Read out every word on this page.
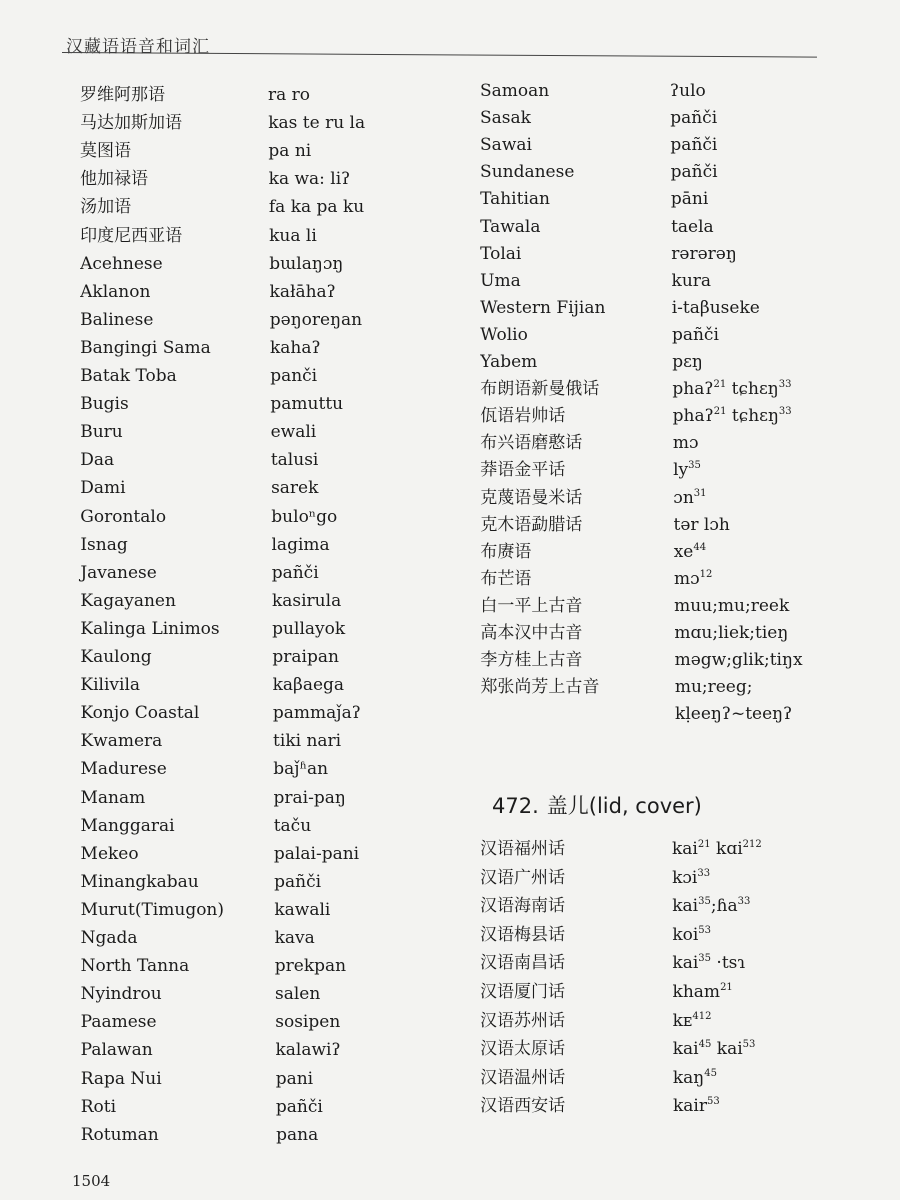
汉藏语语音和词汇
罗维阿那语	ra ro
马达加斯加语	kas te ru la
莫图语	pa ni
他加禄语	ka wa: liʔ
汤加语	fa ka pa ku
印度尼西亚语	kua li
Acehnese	bɯlaŋɔŋ
Aklanon	kałāhaʔ
Balinese	pəŋoreŋan
Bangingi Sama	kahaʔ
Batak Toba	panči
Bugis	pamuttu
Buru	ewali
Daa	talusi
Dami	sarek
Gorontalo	buloⁿgo
Isnag	lagima
Javanese	pañči
Kagayanen	kasirula
Kalinga Linimos	pullayok
Kaulong	praipan
Kilivila	kaβaega
Konjo Coastal	pammaǰaʔ
Kwamera	tiki nari
Madurese	baǰʱan
Manam	prai-paŋ
Manggarai	taču
Mekeo	palai-pani
Minangkabau	pañči
Murut(Timugon)	kawali
Ngada	kava
North Tanna	prekpan
Nyindrou	salen
Paamese	sosipen
Palawan	kalawiʔ
Rapa Nui	pani
Roti	pañči
Rotuman	pana
Samoan	ʔulo
Sasak	pañči
Sawai	pañči
Sundanese	pañči
Tahitian	pāni
Tawala	taela
Tolai	rərərəŋ
Uma	kura
Western Fijian	i-taβuseke
Wolio	pañči
Yabem	pɛŋ
布朗语新曼俄话	phaʔ$^{21}$ tɕhɛŋ$^{33}$
佤语岩帅话	phaʔ$^{21}$ tɕhɛŋ$^{33}$
布兴语磨憨话	mɔ
莽语金平话	$ly^{35}$
克蔑语曼米话	ɔn$^{31}$
克木语勐腊话	tər lɔh
布赓语	$xe^{44}$
布芒语	mɔ$^{12}$
白一平上古音	muu;mu;reek
高本汉中古音	mɑu;liek;tieŋ
李方桂上古音	məgw;glik;tiŋx
郑张尚芳上古音	mu;reeg;
kḷeeŋʔ~teeŋʔ
472. 盖儿(lid, cover)
汉语福州话	kai$^{21}$ kɑi$^{212}$
汉语广州话	kɔi$^{33}$
汉语海南话	kai$^{35}$;ɦa$^{33}$
汉语梅县话	koi$^{53}$
汉语南昌话	kai$^{35}$ ·tsɿ
汉语厦门话	kham$^{21}$
汉语苏州话	kᴇ$^{412}$
汉语太原话	kai$^{45}$ kai$^{53}$
汉语温州话	kaŋ$^{45}$
汉语西安话	kair$^{53}$
1504
